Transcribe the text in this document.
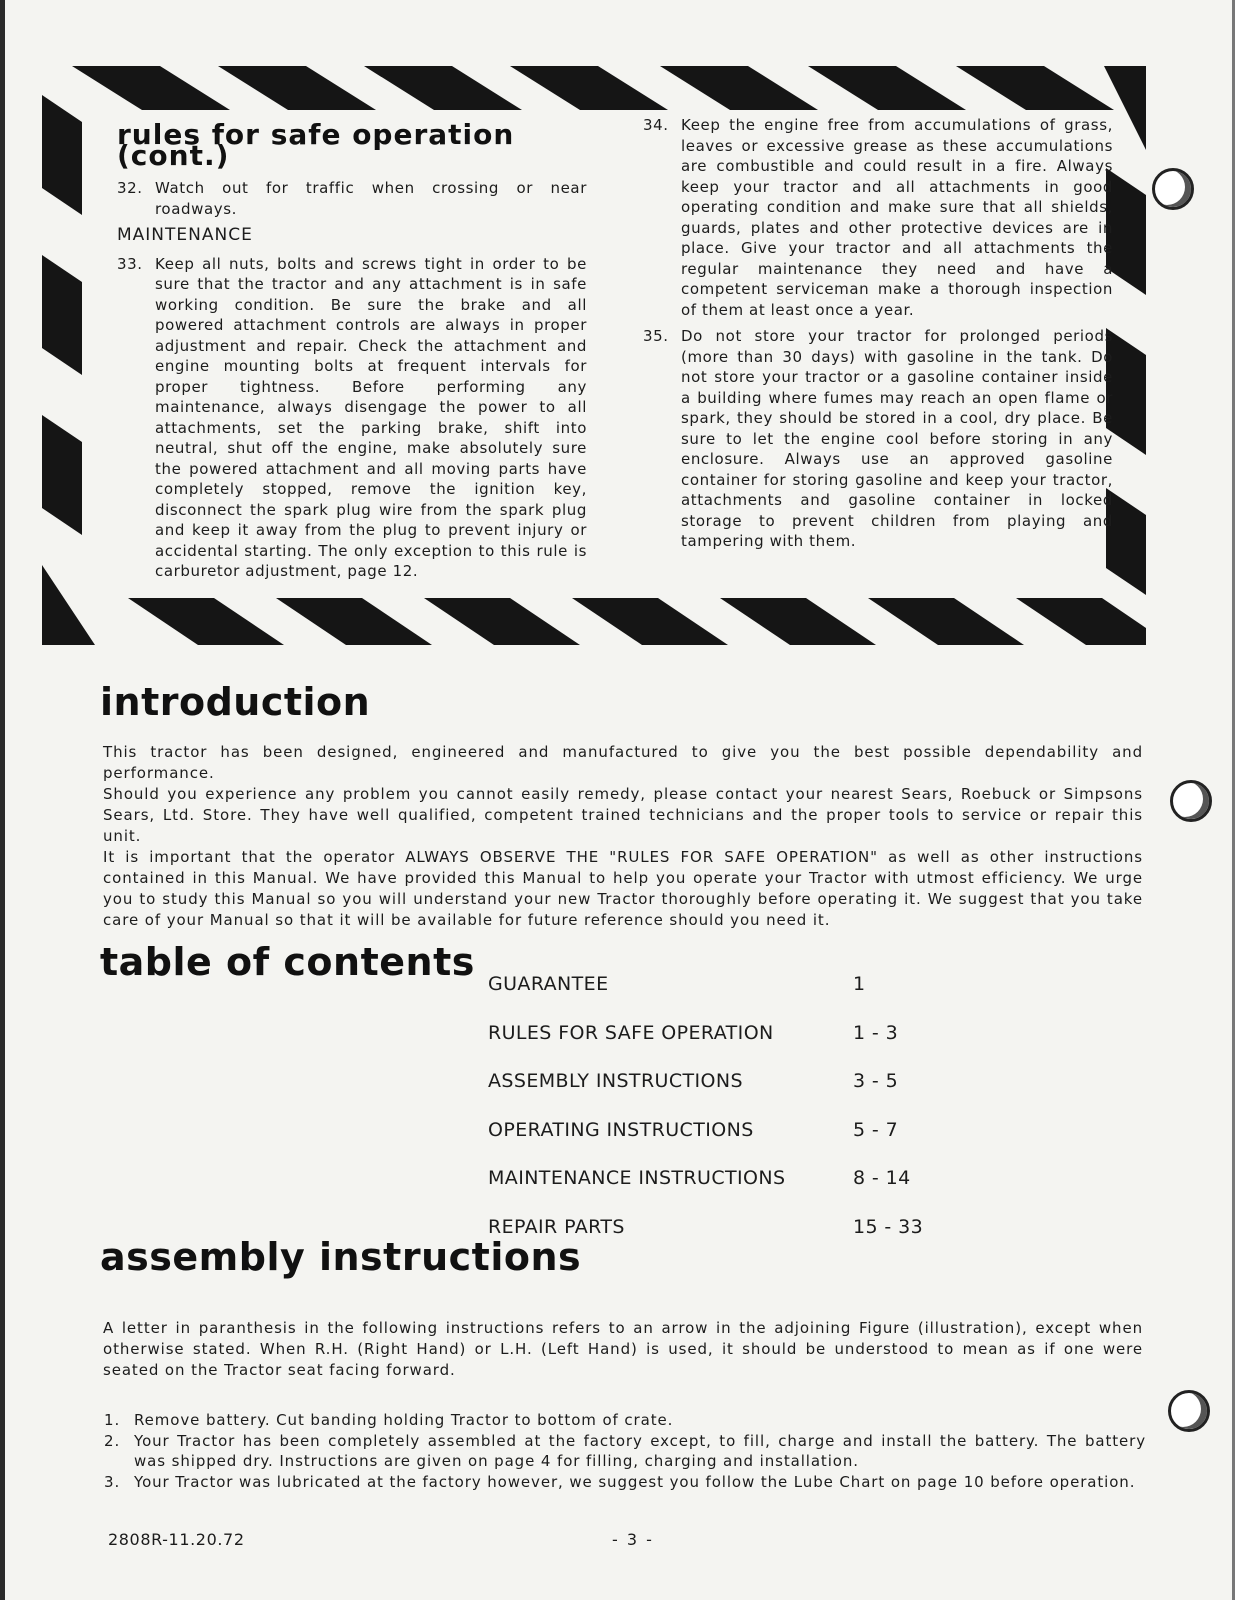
rules for safe operation (cont.)
32. Watch out for traffic when crossing or near roadways.
MAINTENANCE
33. Keep all nuts, bolts and screws tight in order to be sure that the tractor and any attachment is in safe working condition. Be sure the brake and all powered attachment controls are always in proper adjustment and repair. Check the attachment and engine mounting bolts at frequent intervals for proper tightness. Before performing any maintenance, always disengage the power to all attachments, set the parking brake, shift into neutral, shut off the engine, make absolutely sure the powered attachment and all moving parts have completely stopped, remove the ignition key, disconnect the spark plug wire from the spark plug and keep it away from the plug to prevent injury or accidental starting. The only exception to this rule is carburetor adjustment, page 12.
34. Keep the engine free from accumulations of grass, leaves or excessive grease as these accumulations are combustible and could result in a fire. Always keep your tractor and all attachments in good operating condition and make sure that all shields, guards, plates and other protective devices are in place. Give your tractor and all attachments the regular maintenance they need and have a competent serviceman make a thorough inspection of them at least once a year.
35. Do not store your tractor for prolonged periods (more than 30 days) with gasoline in the tank. Do not store your tractor or a gasoline container inside a building where fumes may reach an open flame or spark, they should be stored in a cool, dry place. Be sure to let the engine cool before storing in any enclosure. Always use an approved gasoline container for storing gasoline and keep your tractor, attachments and gasoline container in locked storage to prevent children from playing and tampering with them.
introduction

This tractor has been designed, engineered and manufactured to give you the best possible dependability and performance.

Should you experience any problem you cannot easily remedy, please contact your nearest Sears, Roebuck or Simpsons Sears, Ltd. Store. They have well qualified, competent trained technicians and the proper tools to service or repair this unit.

It is important that the operator ALWAYS OBSERVE THE "RULES FOR SAFE OPERATION" as well as other instructions contained in this Manual. We have provided this Manual to help you operate your Tractor with utmost efficiency. We urge you to study this Manual so you will understand your new Tractor thoroughly before operating it. We suggest that you take care of your Manual so that it will be available for future reference should you need it.

table of contents
GUARANTEE	1
RULES FOR SAFE OPERATION	1 - 3
ASSEMBLY INSTRUCTIONS	3 - 5
OPERATING INSTRUCTIONS	5 - 7
MAINTENANCE INSTRUCTIONS	8 - 14
REPAIR PARTS	15 - 33
assembly instructions
A letter in paranthesis in the following instructions refers to an arrow in the adjoining Figure (illustration), except when otherwise stated. When R.H. (Right Hand) or L.H. (Left Hand) is used, it should be understood to mean as if one were seated on the Tractor seat facing forward.
1. Remove battery. Cut banding holding Tractor to bottom of crate.
2. Your Tractor has been completely assembled at the factory except, to fill, charge and install the battery. The battery was shipped dry. Instructions are given on page 4 for filling, charging and installation.
3. Your Tractor was lubricated at the factory however, we suggest you follow the Lube Chart on page 10 before operation.
2808R-11.20.72	- 3 -
